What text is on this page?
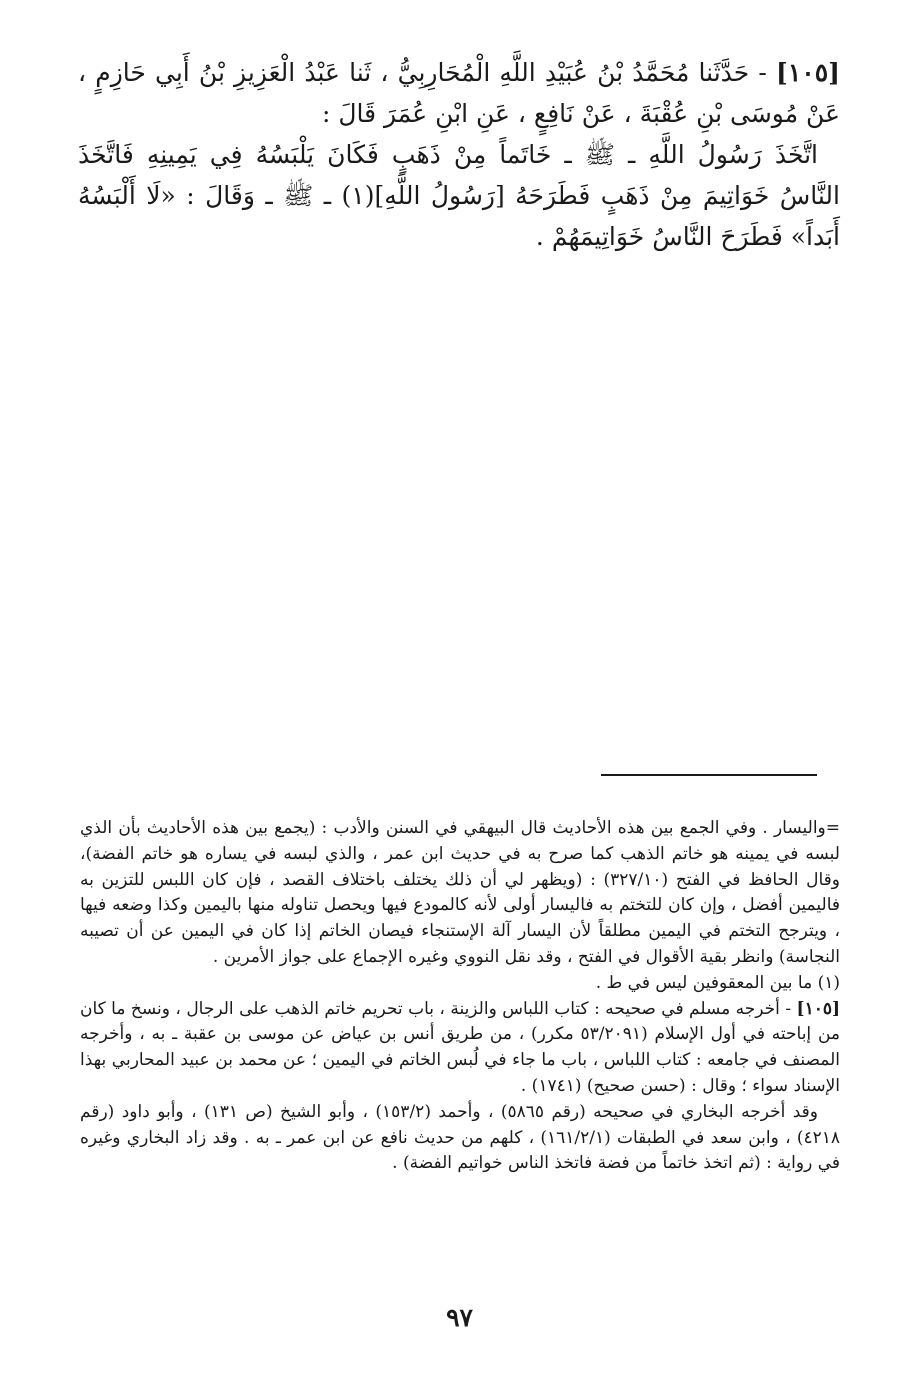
[١٠٥] - حَدَّثَنا مُحَمَّدُ بْنُ عُبَيْدِ اللَّهِ الْمُحَارِبِيُّ ، ثَنا عَبْدُ الْعَزِيزِ بْنُ أَبِي حَازِمٍ ، عَنْ مُوسَى بْنِ عُقْبَةَ ، عَنْ نَافِعٍ ، عَنِ ابْنِ عُمَرَ قَالَ :

اتَّخَذَ رَسُولُ اللَّهِ ـ ﷺ ـ خَاتَماً مِنْ ذَهَبٍ فَكَانَ يَلْبَسُهُ فِي يَمِينِهِ فَاتَّخَذَ النَّاسُ خَوَاتِيمَ مِنْ ذَهَبٍ فَطَرَحَهُ [رَسُولُ اللَّهِ](١) ـ ﷺ ـ وَقَالَ : «لَا أَلْبَسُهُ أَبَداً» فَطَرَحَ النَّاسُ خَوَاتِيمَهُمْ .

=واليسار . وفي الجمع بين هذه الأحاديث قال البيهقي في السنن والأدب : (يجمع بين هذه الأحاديث بأن الذي لبسه في يمينه هو خاتم الذهب كما صرح به في حديث ابن عمر ، والذي لبسه في يساره هو خاتم الفضة)، وقال الحافظ في الفتح (٣٢٧/١٠) : (ويظهر لي أن ذلك يختلف باختلاف القصد ، فإن كان اللبس للتزين به فاليمين أفضل ، وإن كان للتختم به فاليسار أولى لأنه كالمودع فيها ويحصل تناوله منها باليمين وكذا وضعه فيها ، ويترجح التختم في اليمين مطلقاً لأن اليسار آلة الإستنجاء فيصان الخاتم إذا كان في اليمين عن أن تصيبه النجاسة) وانظر بقية الأقوال في الفتح ، وقد نقل النووي وغيره الإجماع على جواز الأمرين .

(١) ما بين المعقوفين ليس في ط .

[١٠٥] - أخرجه مسلم في صحيحه : كتاب اللباس والزينة ، باب تحريم خاتم الذهب على الرجال ، ونسخ ما كان من إباحته في أول الإسلام (٥٣/٢٠٩١ مكرر) ، من طريق أنس بن عياض عن موسى بن عقبة ـ به ، وأخرجه المصنف في جامعه : كتاب اللباس ، باب ما جاء في لُبس الخاتم في اليمين ؛ عن محمد بن عبيد المحاربي بهذا الإسناد سواء ؛ وقال : (حسن صحيح) (١٧٤١) .

وقد أخرجه البخاري في صحيحه (رقم ٥٨٦٥) ، وأحمد (١٥٣/٢) ، وأبو الشيخ (ص ١٣١) ، وأبو داود (رقم ٤٢١٨) ، وابن سعد في الطبقات (١٦١/٢/١) ، كلهم من حديث نافع عن ابن عمر ـ به . وقد زاد البخاري وغيره في رواية : (ثم اتخذ خاتماً من فضة فاتخذ الناس خواتيم الفضة) .

٩٧
